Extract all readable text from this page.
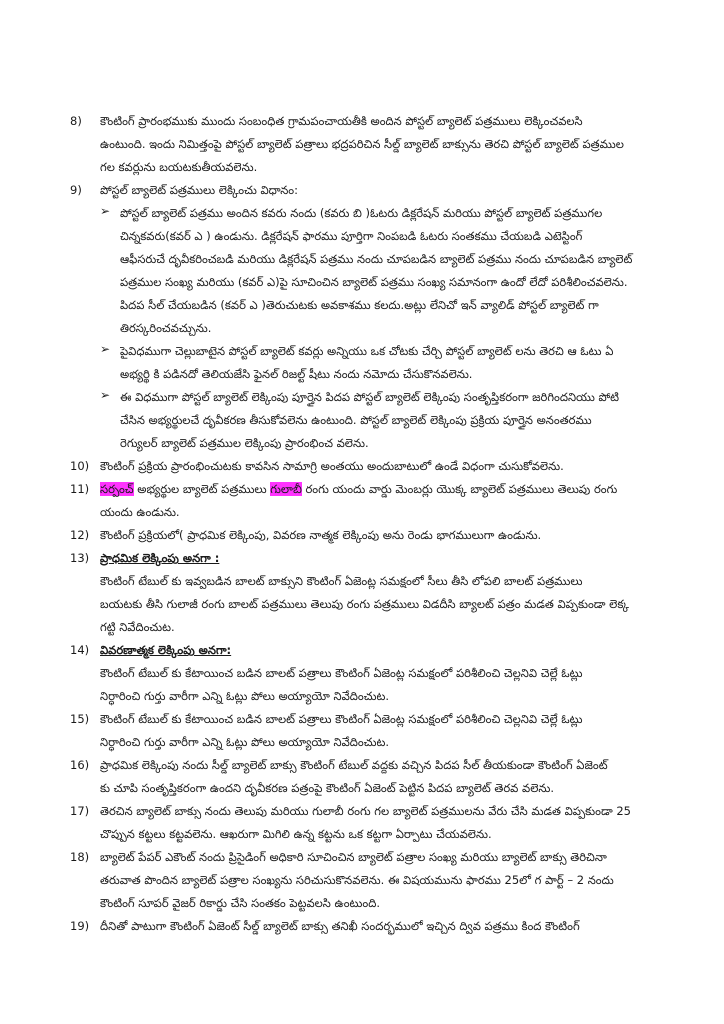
8) కౌంటింగ్ ప్రారంభముకు ముందు సంబంధిత గ్రామపంచాయతీకి అందిన పోస్టల్ బ్యాలెట్ పత్రములు లెక్కించవలసి
ఉంటుంది. ఇందు నిమిత్తంపై పోస్టల్ బ్యాలెట్ పత్రాలు భద్రపరిచిన సీల్డ్ బ్యాలెట్ బాక్సును తెరచి పోస్టల్ బ్యాలెట్ పత్రముల
గల కవర్లును బయటకుతీయవలెను.
9) పోస్టల్ బ్యాలెట్ పత్రములు లెక్కించు విధానం:
➢ పోస్టల్ బ్యాలెట్ పత్రము అందిన కవరు నందు (కవరు బి )ఓటరు డిక్లరేషన్ మరియు పోస్టల్ బ్యాలెట్ పత్రముగల
చిన్నకవరు(కవర్ ఎ ) ఉండును. డిక్లరేషన్ ఫారము పూర్తిగా నింపబడి ఓటరు సంతకము చేయబడి ఎటెస్టింగ్
ఆఫీసరుచే దృవీకరించబడి మరియు డిక్లరేషన్ పత్రము నందు చూపబడిన బ్యాలెట్ పత్రము నందు చూపబడిన బ్యాలెట్
పత్రముల సంఖ్య మరియు (కవర్ ఎ)పై సూచించిన బ్యాలెట్ పత్రము సంఖ్య సమానంగా ఉందో లేదో పరిశీలించవలెను.
పిదప సీల్ చేయబడిన (కవర్ ఎ )తెరుచుటకు అవకాశము కలదు.అట్లు లేనిచో ఇన్ వ్యాలిడ్ పోస్టల్ బ్యాలెట్ గా
తిరస్కరించవచ్చును.
➢ పైవిధముగా చెల్లుబాటైన పోస్టల్ బ్యాలెట్ కవర్లు అన్నియు ఒక చోటకు చేర్చి పోస్టల్ బ్యాలెట్ లను తెరచి ఆ ఓటు ఏ
అభ్యర్థి కి పడినదో తెలియజేసి ఫైనల్ రిజల్ట్ షీటు నందు నమోదు చేసుకొనవలెను.
➢ ఈ విధముగా పోస్టల్ బ్యాలెట్ లెక్కింపు పూర్తైన పిదప పోస్టల్ బ్యాలెట్ లెక్కింపు సంతృప్తికరంగా జరిగిందనియు పోటి
చేసిన అభ్యర్థులచే దృవీకరణ తీసుకోవలెను ఉంటుంది. పోస్టల్ బ్యాలెట్ లెక్కింపు ప్రక్రియ పూర్తైన అనంతరము
రెగ్యులర్ బ్యాలెట్ పత్రముల లెక్కింపు ప్రారంభించ వలెను.
10) కౌంటింగ్ ప్రక్రియ ప్రారంభించుటకు కావసిన సామాగ్రి అంతయు అందుబాటులో ఉండే విధంగా చుసుకోవలెను.
11) సర్పంచ్ అభ్యర్థుల బ్యాలెట్ పత్రములు గులాబీ రంగు యందు వార్డు మెంబర్లు యొక్క బ్యాలెట్ పత్రములు తెలుపు రంగు
యందు ఉండును.
12) కౌంటింగ్ ప్రక్రియలో( ప్రాధమిక లెక్కింపు, వివరణ నాత్మక లెక్కింపు అను రెండు భాగములుగా ఉండును.
13) ప్రాధమిక లెక్కింపు అనగా :
కౌంటింగ్ టేబుల్ కు ఇవ్వబడిన బాలట్ బాక్సుని కౌంటింగ్ ఏజెంట్ల సమక్షంలో సీలు తీసి లోపలి బాలట్ పత్రములు
బయటకు తీసి గులాజీ రంగు బాలట్ పత్రములు తెలుపు రంగు పత్రములు విడదీసి బ్యాలట్ పత్రం మడత విప్పకుండా లెక్క
గట్టి నివేదించుట.
14) వివరణాత్మక లెక్కింపు అనగా:
కౌంటింగ్ టేబుల్ కు కేటాయించ బడిన బాలట్ పత్రాలు కౌంటింగ్ ఏజెంట్ల సమక్షంలో పరిశీలించి చెల్లనివి చెల్లే ఓట్లు
నిర్ధారించి గుర్తు వారీగా ఎన్ని ఓట్లు పోలు అయ్యాయో నివేదించుట.
15) కౌంటింగ్ టేబుల్ కు కేటాయించ బడిన బాలట్ పత్రాలు కౌంటింగ్ ఏజెంట్ల సమక్షంలో పరిశీలించి చెల్లనివి చెల్లే ఓట్లు
నిర్ధారించి గుర్తు వారీగా ఎన్ని ఓట్లు పోలు అయ్యాయో నివేదించుట.
16) ప్రాధమిక లెక్కింపు నందు సీల్డ్ బ్యాలెట్ బాక్సు కౌంటింగ్ టేబుల్ వద్దకు వచ్చిన పిదప సీల్ తీయకుండా కౌంటింగ్ ఏజెంట్
కు చూపి సంతృప్తికరంగా ఉందని దృవీకరణ పత్రంపై కౌంటింగ్ ఏజెంట్ పెట్టిన పిదప బ్యాలెట్ తెరవ వలెను.
17) తెరచిన బ్యాలెట్ బాక్సు నందు తెలుపు మరియు గులాబీ రంగు గల బ్యాలెట్ పత్రములను వేరు చేసి మడత విప్పకుండా 25
చొప్పున కట్టలు కట్టవలెను. ఆఖరుగా మిగిలి ఉన్న కట్టను ఒక కట్టగా ఏర్పాటు చేయవలెను.
18) బ్యాలెట్ పేపర్ ఎకౌంట్ నందు ప్రిసైడింగ్ అధికారి సూచించిన బ్యాలెట్ పత్రాల సంఖ్య మరియు బ్యాలెట్ బాక్సు తెరిచినా
తరువాత పొందిన బ్యాలెట్ పత్రాల సంఖ్యను సరిచుసుకొనవలెను. ఈ విషయమును ఫారము 25లో గ పార్ట్ – 2 నందు
కౌంటింగ్ సూపర్ వైజర్ రికార్డు చేసి సంతకం పెట్టవలసి ఉంటుంది.
19) దీనితో పాటుగా కౌంటింగ్ ఏజెంట్ సీల్డ్ బ్యాలెట్ బాక్సు తనిఖీ సందర్భములో ఇచ్చిన ద్వివ పత్రము కింద కౌంటింగ్
